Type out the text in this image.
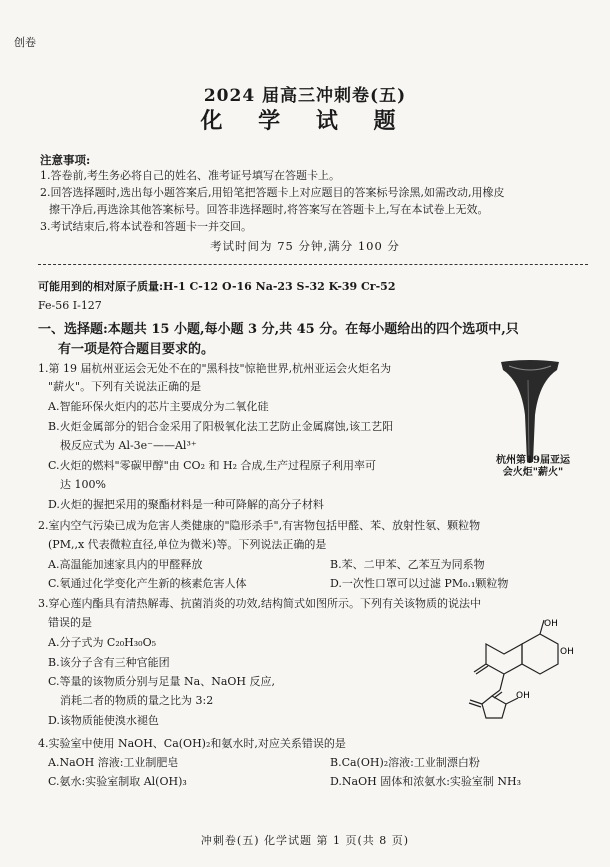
创卷
2024 届高三冲刺卷(五)
化 学 试 题
注意事项:
1.答卷前,考生务必将自己的姓名、准考证号填写在答题卡上。
2.回答选择题时,选出每小题答案后,用铅笔把答题卡上对应题目的答案标号涂黑,如需改动,用橡皮
擦干净后,再选涂其他答案标号。回答非选择题时,将答案写在答题卡上,写在本试卷上无效。
3.考试结束后,将本试卷和答题卡一并交回。
考试时间为 75 分钟,满分 100 分
可能用到的相对原子质量:H-1 C-12 O-16 Na-23 S-32 K-39 Cr-52
Fe-56 I-127
一、选择题:本题共 15 小题,每小题 3 分,共 45 分。在每小题给出的四个选项中,只
有一项是符合题目要求的。
1.第 19 届杭州亚运会无处不在的"黑科技"惊艳世界,杭州亚运会火炬名为
"薪火"。下列有关说法正确的是
A.智能环保火炬内的芯片主要成分为二氧化硅
B.火炬金属部分的铝合金采用了阳极氧化法工艺防止金属腐蚀,该工艺阳
极反应式为 Al-3e⁻——Al³⁺
C.火炬的燃料"零碳甲醇"由 CO₂ 和 H₂ 合成,生产过程原子利用率可
达 100%
D.火炬的握把采用的聚酯材料是一种可降解的高分子材料
杭州第19届亚运
会火炬"薪火"
2.室内空气污染已成为危害人类健康的"隐形杀手",有害物包括甲醛、苯、放射性氡、颗粒物
(PM,,x 代表微粒直径,单位为微米)等。下列说法正确的是
A.高温能加速家具内的甲醛释放	B.苯、二甲苯、乙苯互为同系物
C.氡通过化学变化产生新的核素危害人体	D.一次性口罩可以过滤 PM₀.₁颗粒物
3.穿心莲内酯具有清热解毒、抗菌消炎的功效,结构简式如图所示。下列有关该物质的说法中
错误的是
A.分子式为 C₂₀H₃₀O₅
B.该分子含有三种官能团
C.等量的该物质分别与足量 Na、NaOH 反应,
消耗二者的物质的量之比为 3:2
D.该物质能使溴水褪色
OH
OH
OH
4.实验室中使用 NaOH、Ca(OH)₂和氨水时,对应关系错误的是
A.NaOH 溶液:工业制肥皂	B.Ca(OH)₂溶液:工业制漂白粉
C.氨水:实验室制取 Al(OH)₃	D.NaOH 固体和浓氨水:实验室制 NH₃
冲刺卷(五) 化学试题 第 1 页(共 8 页)
